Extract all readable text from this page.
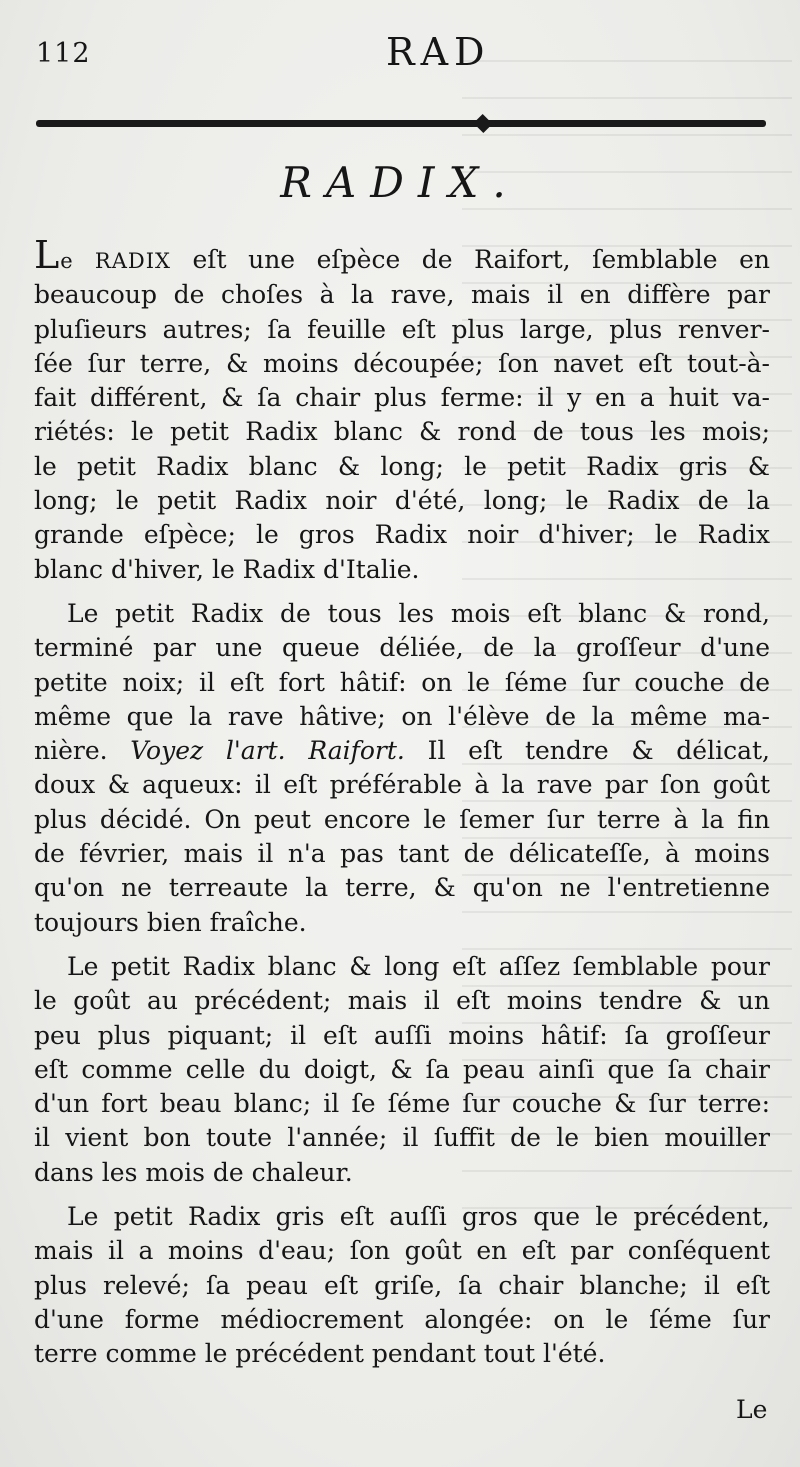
112	RAD
RADIX.
Le RADIX eſt une eſpèce de Raifort, ſemblable en
beaucoup de choſes à la rave, mais il en diffère par
pluſieurs autres; ſa feuille eſt plus large, plus renver-
ſée ſur terre, & moins découpée; ſon navet eſt tout-à-
fait différent, & ſa chair plus ferme: il y en a huit va-
riétés: le petit Radix blanc & rond de tous les mois;
le petit Radix blanc & long; le petit Radix gris &
long; le petit Radix noir d'été, long; le Radix de la
grande eſpèce; le gros Radix noir d'hiver; le Radix
blanc d'hiver, le Radix d'Italie.
Le petit Radix de tous les mois eſt blanc & rond,
terminé par une queue déliée, de la groſſeur d'une
petite noix; il eſt fort hâtif: on le ſéme ſur couche de
même que la rave hâtive; on l'élève de la même ma-
nière. Voyez l'art. Raifort. Il eſt tendre & délicat,
doux & aqueux: il eſt préférable à la rave par ſon goût
plus décidé. On peut encore le ſemer ſur terre à la fin
de février, mais il n'a pas tant de délicateſſe, à moins
qu'on ne terreaute la terre, & qu'on ne l'entretienne
toujours bien fraîche.
Le petit Radix blanc & long eſt aſſez ſemblable pour
le goût au précédent; mais il eſt moins tendre & un
peu plus piquant; il eſt auſſi moins hâtif: ſa groſſeur
eſt comme celle du doigt, & ſa peau ainſi que ſa chair
d'un fort beau blanc; il ſe ſéme ſur couche & ſur terre:
il vient bon toute l'année; il ſuffit de le bien mouiller
dans les mois de chaleur.
Le petit Radix gris eſt auſſi gros que le précédent,
mais il a moins d'eau; ſon goût en eſt par conſéquent
plus relevé; ſa peau eſt griſe, ſa chair blanche; il eſt
d'une forme médiocrement alongée: on le ſéme ſur
terre comme le précédent pendant tout l'été.
Le
